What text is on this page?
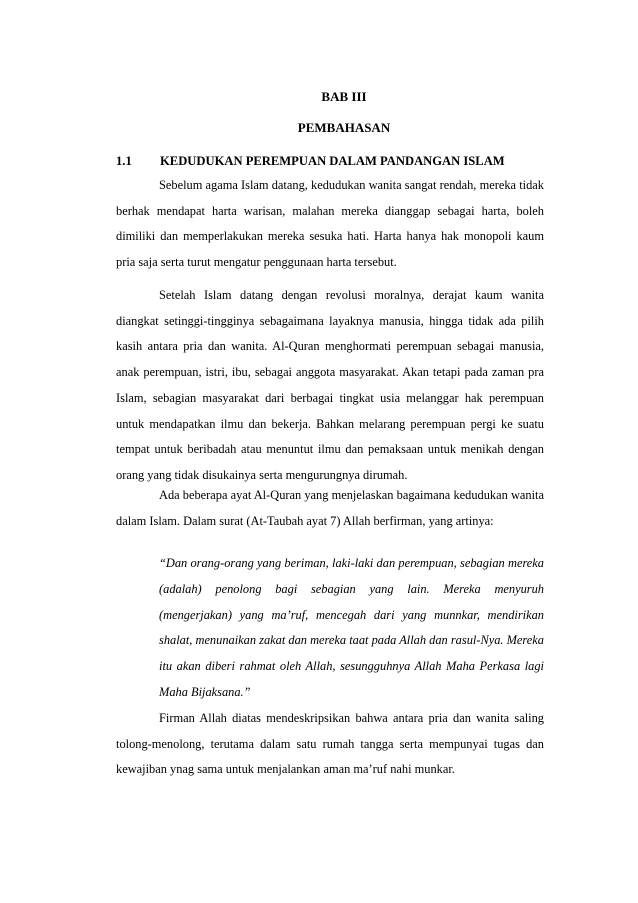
BAB III
PEMBAHASAN
1.1 KEDUDUKAN PEREMPUAN DALAM PANDANGAN ISLAM

Sebelum agama Islam datang, kedudukan wanita sangat rendah, mereka tidak berhak mendapat harta warisan, malahan mereka dianggap sebagai harta, boleh dimiliki dan memperlakukan mereka sesuka hati. Harta hanya hak monopoli kaum pria saja serta turut mengatur penggunaan harta tersebut.

Setelah Islam datang dengan revolusi moralnya, derajat kaum wanita diangkat setinggi-tingginya sebagaimana layaknya manusia, hingga tidak ada pilih kasih antara pria dan wanita. Al-Quran menghormati perempuan sebagai manusia, anak perempuan, istri, ibu, sebagai anggota masyarakat. Akan tetapi pada zaman pra Islam, sebagian masyarakat dari berbagai tingkat usia melanggar hak perempuan untuk mendapatkan ilmu dan bekerja. Bahkan melarang perempuan pergi ke suatu tempat untuk beribadah atau menuntut ilmu dan pemaksaan untuk menikah dengan orang yang tidak disukainya serta mengurungnya dirumah.

Ada beberapa ayat Al-Quran yang menjelaskan bagaimana kedudukan wanita dalam Islam. Dalam surat (At-Taubah ayat 7) Allah berfirman, yang artinya:

“Dan orang-orang yang beriman, laki-laki dan perempuan, sebagian mereka (adalah) penolong bagi sebagian yang lain. Mereka menyuruh (mengerjakan) yang ma’ruf, mencegah dari yang munnkar, mendirikan shalat, menunaikan zakat dan mereka taat pada Allah dan rasul-Nya. Mereka itu akan diberi rahmat oleh Allah, sesungguhnya Allah Maha Perkasa lagi Maha Bijaksana.”

Firman Allah diatas mendeskripsikan bahwa antara pria dan wanita saling tolong-menolong, terutama dalam satu rumah tangga serta mempunyai tugas dan kewajiban ynag sama untuk menjalankan aman ma’ruf nahi munkar.
